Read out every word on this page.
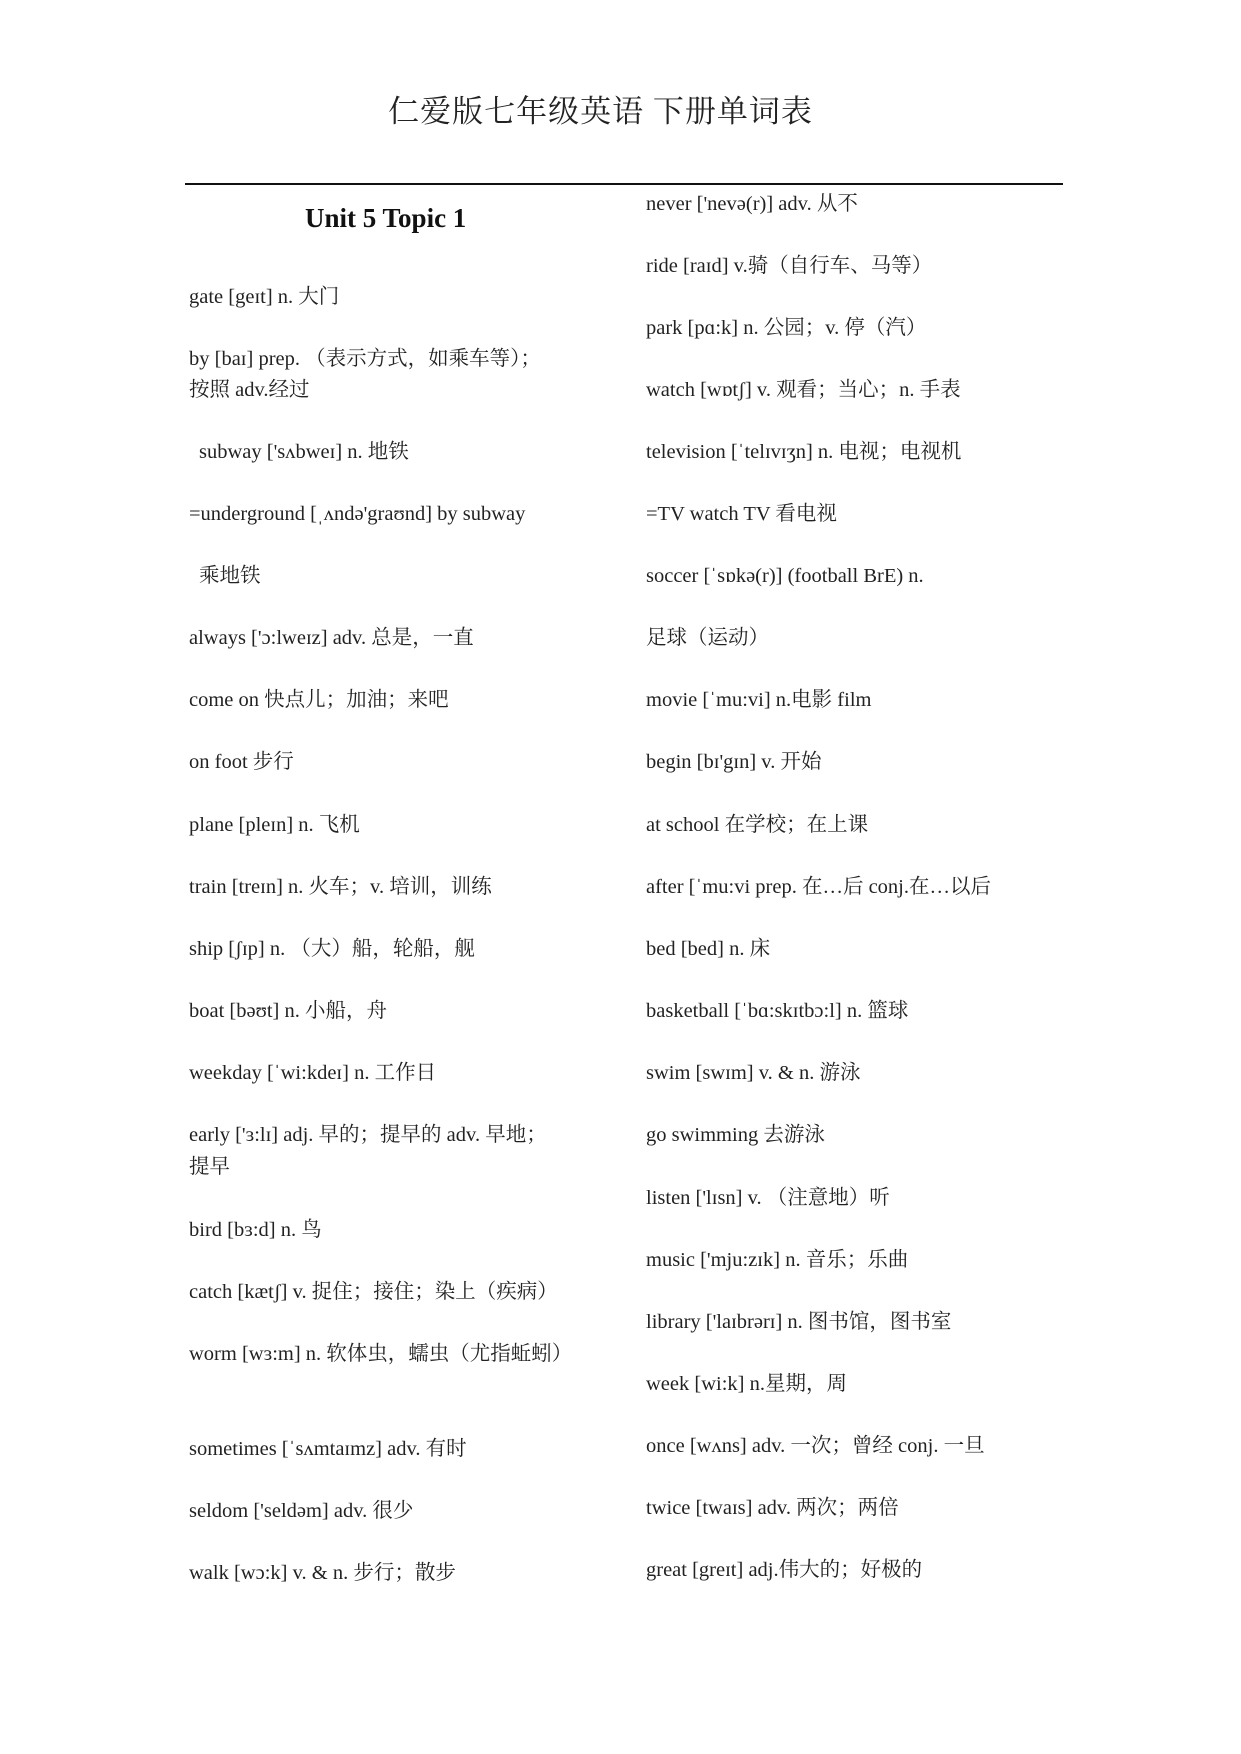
仁爱版七年级英语 下册单词表
Unit 5 Topic 1
gate [geɪt] n. 大门
by [baɪ] prep. （表示方式，如乘车等）；
按照 adv.经过
subway ['sʌbweɪ] n. 地铁
=underground [ˌʌndə'graʊnd] by subway
乘地铁
always ['ɔ:lweɪz] adv. 总是，一直
come on 快点儿；加油；来吧
on foot 步行
plane [pleɪn] n. 飞机
train [treɪn] n. 火车；v. 培训，训练
ship [ʃɪp] n. （大）船，轮船，舰
boat [bəʊt] n. 小船，舟
weekday [ˈwi:kdeɪ] n. 工作日
early ['ɜ:lɪ] adj. 早的；提早的 adv. 早地；
提早
bird [bɜ:d] n. 鸟
catch [kætʃ] v. 捉住；接住；染上（疾病）
worm [wɜ:m] n. 软体虫，蠕虫（尤指蚯蚓）
sometimes [ˈsʌmtaɪmz] adv. 有时
seldom ['seldəm] adv. 很少
walk [wɔ:k] v. & n. 步行；散步
never ['nevə(r)] adv. 从不
ride [raɪd] v.骑（自行车、马等）
park [pɑ:k] n. 公园；v. 停（汽）
watch [wɒtʃ] v. 观看；当心；n. 手表
television [ˈtelɪvɪʒn] n. 电视；电视机
=TV watch TV 看电视
soccer [ˈsɒkə(r)] (football BrE) n.
足球（运动）
movie [ˈmu:vi] n.电影 film
begin [bɪ'gɪn] v. 开始
at school 在学校；在上课
after [ˈmu:vi prep. 在…后 conj.在…以后
bed [bed] n. 床
basketball [ˈbɑ:skɪtbɔ:l] n. 篮球
swim [swɪm] v. & n. 游泳
go swimming 去游泳
listen ['lɪsn] v. （注意地）听
music ['mju:zɪk] n. 音乐；乐曲
library ['laɪbrərɪ] n. 图书馆，图书室
week [wi:k] n.星期，周
once [wʌns] adv. 一次；曾经 conj. 一旦
twice [twaɪs] adv. 两次；两倍
great [greɪt] adj.伟大的；好极的
